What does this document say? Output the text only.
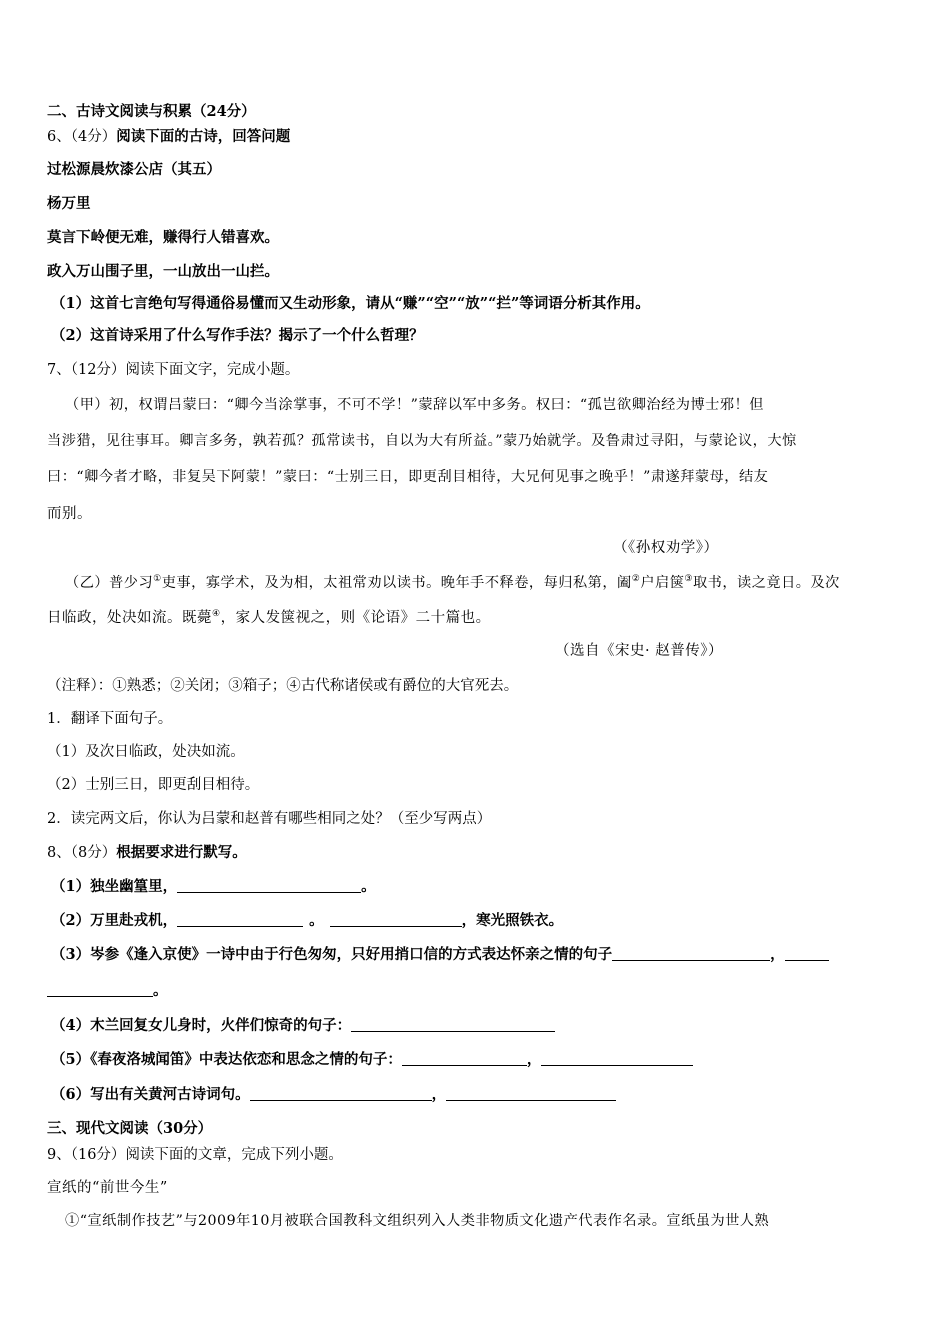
二、古诗文阅读与积累（24分）
6、（4分）阅读下面的古诗，回答问题
过松源晨炊漆公店（其五）
杨万里
莫言下岭便无难，赚得行人错喜欢。
政入万山围子里，一山放出一山拦。
（1）这首七言绝句写得通俗易懂而又生动形象，请从“赚”“空”“放”“拦”等词语分析其作用。
（2）这首诗采用了什么写作手法？揭示了一个什么哲理？
7、（12分）阅读下面文字，完成小题。
（甲）初，权谓吕蒙曰：“卿今当涂掌事，不可不学！”蒙辞以军中多务。权曰：“孤岂欲卿治经为博士邪！但
当涉猎，见往事耳。卿言多务，孰若孤？孤常读书，自以为大有所益。”蒙乃始就学。及鲁肃过寻阳，与蒙论议，大惊
曰：“卿今者才略，非复吴下阿蒙！”蒙曰：“士别三日，即更刮目相待，大兄何见事之晚乎！”肃遂拜蒙母，结友
而别。
（《孙权劝学》）
（乙）普少习①吏事，寡学术，及为相，太祖常劝以读书。晚年手不释卷，每归私第，阖②户启箧③取书，读之竟日。及次
日临政，处决如流。既薨④，家人发箧视之，则《论语》二十篇也。
（选自《宋史· 赵普传》）
（注释）：①熟悉；②关闭；③箱子；④古代称诸侯或有爵位的大官死去。
1．翻译下面句子。
（1）及次日临政，处决如流。
（2）士别三日，即更刮目相待。
2．读完两文后，你认为吕蒙和赵普有哪些相同之处？（至少写两点）
8、（8分）根据要求进行默写。
（1）独坐幽篁里，	。
（2）万里赴戎机，	。	，寒光照铁衣。
（3）岑参《逢入京使》一诗中由于行色匆匆，只好用捎口信的方式表达怀亲之情的句子	，
。
（4）木兰回复女儿身时，火伴们惊奇的句子：
（5）《春夜洛城闻笛》中表达依恋和思念之情的句子：	，
（6）写出有关黄河古诗词句。	，
三、现代文阅读（30分）
9、（16分）阅读下面的文章，完成下列小题。
宣纸的“前世今生”
①“宣纸制作技艺”与2009年10月被联合国教科文组织列入人类非物质文化遗产代表作名录。宣纸虽为世人熟
